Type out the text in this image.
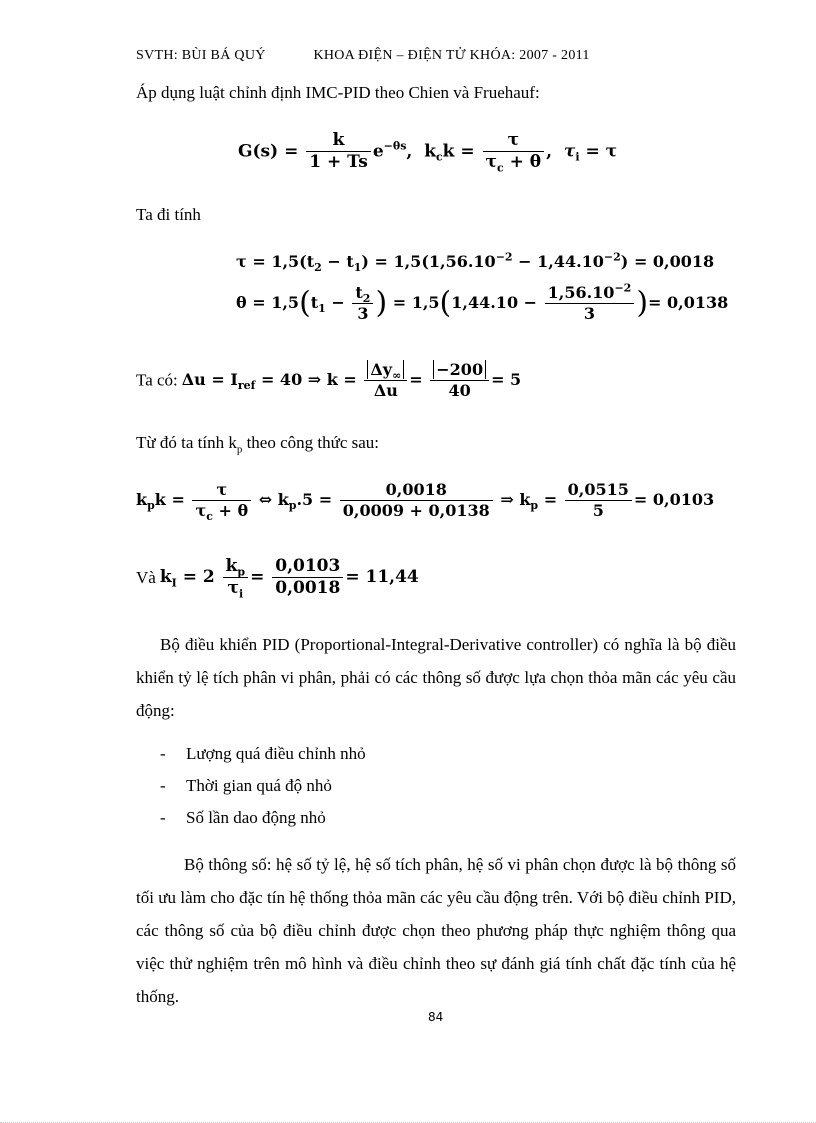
SVTH: BÙI BÁ QUÝ	KHOA ĐIỆN – ĐIỆN TỬ KHÓA: 2007 - 2011
Áp dụng luật chỉnh định IMC-PID theo Chien và Fruehauf:
$G(s) = \frac{k}{1 + Ts} e^{-\theta s}$, $k_ck = \frac{\tau}{\tau_c + \theta}$ , $\tau_i = \tau$
Ta đi tính
$\tau = 1,5(t_2 - t_1) = 1,5(1,56.10^{-2} - 1,44.10^{-2}) = 0,0018$
$\theta = 1,5(t_1 - \frac{t_2}{3}$ ) = $1,5(1,44.10 - \frac{1,56.10^{-2}}{3}$ )= 0,0138
Ta có: $\Delta u = I_{ref} = 40$ ⇒ $k = \frac{\Delta y_\infty}{\Delta u} = \frac{-200}{40} = 5$
Từ đó ta tính $k_p$ theo công thức sau:
$k_pk = \frac{\tau}{\tau_c + \theta}$ ⇔ $k_p.5 = \frac{0,0018}{0,0009 + 0,0138}$ ⇒ $k_p = \frac{0,0515}{5} = 0,0103$
Và $k_I = 2 \frac{k_p}{\tau_i} = \frac{0,0103}{0,0018} = 11,44$
Bộ điều khiển PID (Proportional-Integral-Derivative controller) có nghĩa là bộ điều khiển tỷ lệ tích phân vi phân, phải có các thông số được lựa chọn thỏa mãn các yêu cầu động:
- Lượng quá điều chỉnh nhỏ
- Thời gian quá độ nhỏ
- Số lần dao động nhỏ
Bộ thông số: hệ số tỷ lệ, hệ số tích phân, hệ số vi phân chọn được là bộ thông số tối ưu làm cho đặc tín hệ thống thỏa mãn các yêu cầu động trên. Với bộ điều chỉnh PID, các thông số của bộ điều chỉnh được chọn theo phương pháp thực nghiệm thông qua việc thử nghiệm trên mô hình và điều chỉnh theo sự đánh giá tính chất đặc tính của hệ thống.
84
